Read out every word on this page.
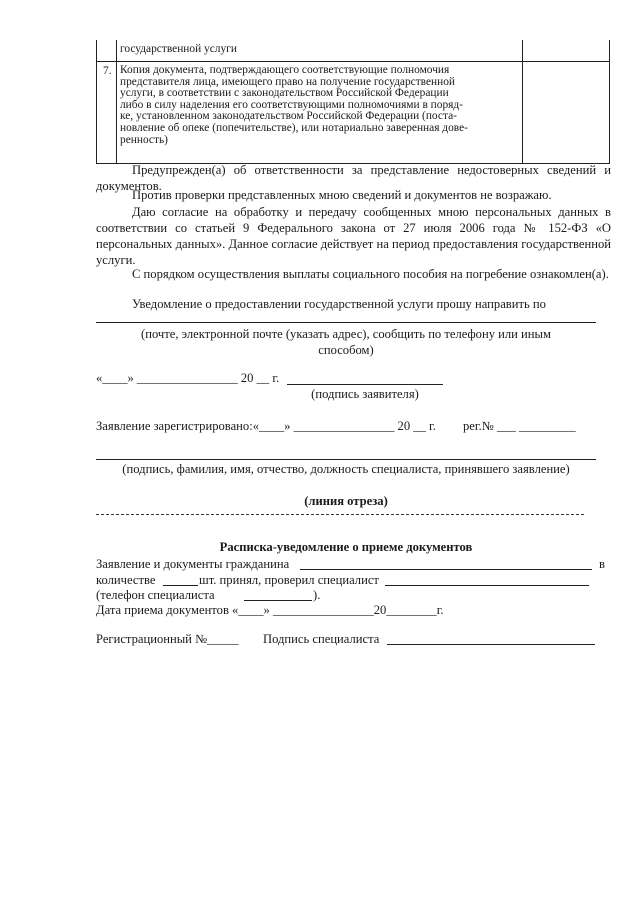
государственной услуги
7. Копия документа, подтверждающего соответствующие полномочия
представителя лица, имеющего право на получение государственной
услуги, в соответствии с законодательством Российской Федерации
либо в силу наделения его соответствующими полномочиями в поряд-
ке, установленном законодательством Российской Федерации (поста-
новление об опеке (попечительстве), или нотариально заверенная дове-
ренность)
Предупрежден(а) об ответственности за представление недостоверных сведений и документов.
Против проверки представленных мною сведений и документов не возражаю.
Даю согласие на обработку и передачу сообщенных мною персональных данных в соответствии со статьей 9 Федерального закона от 27 июля 2006 года № 152-ФЗ «О персональных данных». Данное согласие действует на период предоставления государственной услуги.
С порядком осуществления выплаты социального пособия на погребение ознакомлен(а).
Уведомление о предоставлении государственной услуги прошу направить по
(почте, электронной почте (указать адрес), сообщить по телефону или иным
способом)
«____» ________________ 20 __ г.
(подпись заявителя)
Заявление зарегистрировано:«____» ________________ 20 __ г. рег.№ ___ _________
(подпись, фамилия, имя, отчество, должность специалиста, принявшего заявление)
(линия отреза)
Расписка-уведомление о приеме документов
Заявление и документы гражданина	в
количестве	шт. принял, проверил специалист
(телефон специалиста	).
Дата приема документов «____» ________________20________г.
Регистрационный №_____ Подпись специалиста
